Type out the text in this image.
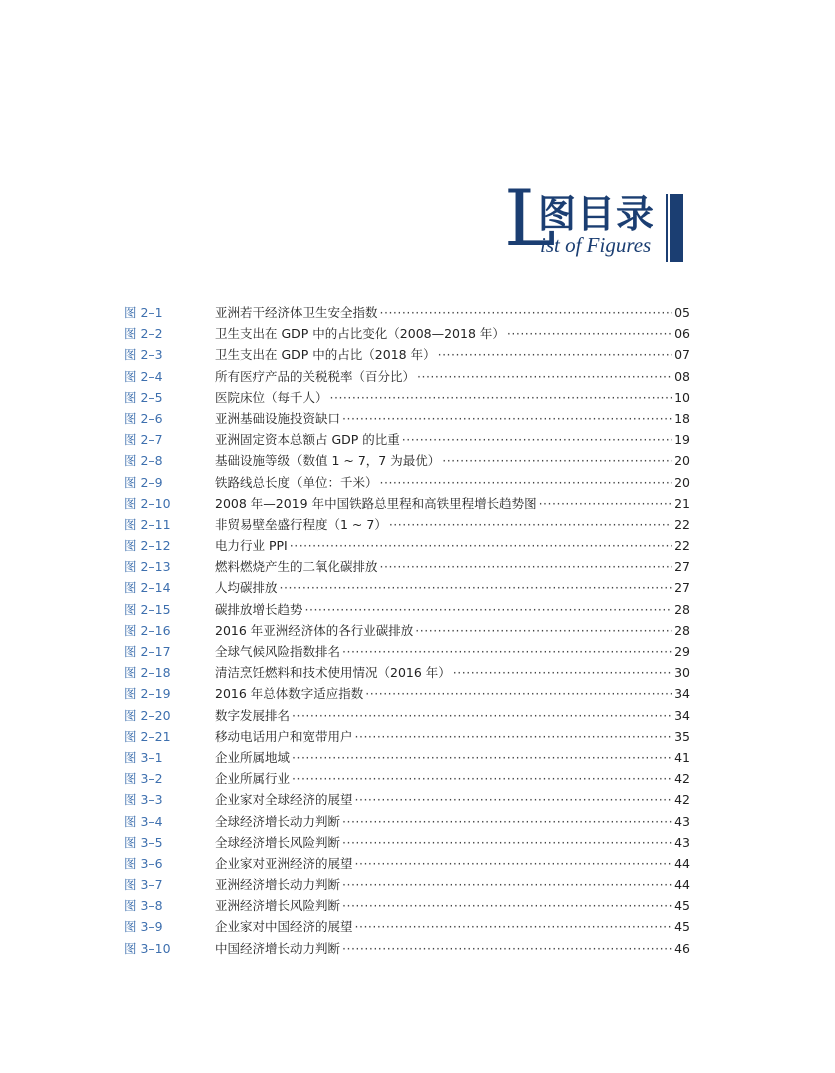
L
图目录
ist of Figures
图 2–1	亚洲若干经济体卫生安全指数 ·····	05
图 2–2	卫生支出在 GDP 中的占比变化（2008—2018 年） ·····	06
图 2–3	卫生支出在 GDP 中的占比（2018 年） ·····	07
图 2–4	所有医疗产品的关税税率（百分比） ·····	08
图 2–5	医院床位（每千人） ·····	10
图 2–6	亚洲基础设施投资缺口 ·····	18
图 2–7	亚洲固定资本总额占 GDP 的比重 ·····	19
图 2–8	基础设施等级（数值 1 ~ 7，7 为最优） ·····	20
图 2–9	铁路线总长度（单位：千米） ·····	20
图 2–10	2008 年—2019 年中国铁路总里程和高铁里程增长趋势图 ·····	21
图 2–11	非贸易壁垒盛行程度（1 ~ 7） ·····	22
图 2–12	电力行业 PPI ·····	22
图 2–13	燃料燃烧产生的二氧化碳排放 ·····	27
图 2–14	人均碳排放 ·····	27
图 2–15	碳排放增长趋势 ·····	28
图 2–16	2016 年亚洲经济体的各行业碳排放 ·····	28
图 2–17	全球气候风险指数排名 ·····	29
图 2–18	清洁烹饪燃料和技术使用情况（2016 年） ·····	30
图 2–19	2016 年总体数字适应指数 ·····	34
图 2–20	数字发展排名 ·····	34
图 2–21	移动电话用户和宽带用户 ·····	35
图 3–1	企业所属地域 ·····	41
图 3–2	企业所属行业 ·····	42
图 3–3	企业家对全球经济的展望 ·····	42
图 3–4	全球经济增长动力判断 ·····	43
图 3–5	全球经济增长风险判断 ·····	43
图 3–6	企业家对亚洲经济的展望 ·····	44
图 3–7	亚洲经济增长动力判断 ·····	44
图 3–8	亚洲经济增长风险判断 ·····	45
图 3–9	企业家对中国经济的展望 ·····	45
图 3–10	中国经济增长动力判断 ·····	46
